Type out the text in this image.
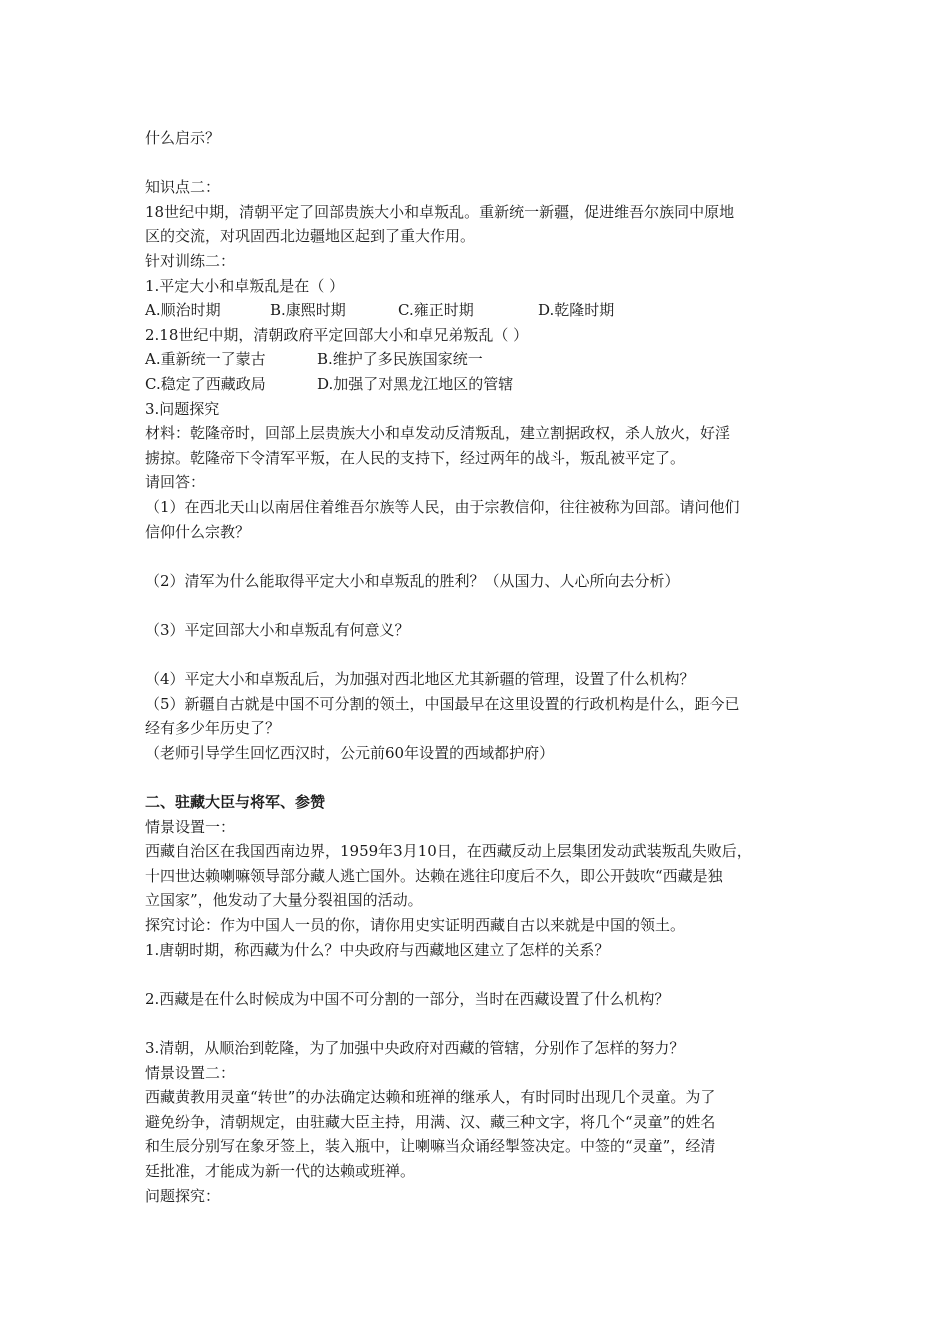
什么启示？
知识点二：
18世纪中期，清朝平定了回部贵族大小和卓叛乱。重新统一新疆，促进维吾尔族同中原地
区的交流，对巩固西北边疆地区起到了重大作用。
针对训练二：
1.平定大小和卓叛乱是在（ ）
A.顺治时期	B.康熙时期	C.雍正时期	D.乾隆时期
2.18世纪中期，清朝政府平定回部大小和卓兄弟叛乱（ ）
A.重新统一了蒙古	B.维护了多民族国家统一
C.稳定了西藏政局	D.加强了对黑龙江地区的管辖
3.问题探究
材料：乾隆帝时，回部上层贵族大小和卓发动反清叛乱，建立割据政权，杀人放火，好淫
掳掠。乾隆帝下令清军平叛，在人民的支持下，经过两年的战斗，叛乱被平定了。
请回答：
（1）在西北天山以南居住着维吾尔族等人民，由于宗教信仰，往往被称为回部。请问他们
信仰什么宗教？
（2）清军为什么能取得平定大小和卓叛乱的胜利？（从国力、人心所向去分析）
（3）平定回部大小和卓叛乱有何意义？
（4）平定大小和卓叛乱后，为加强对西北地区尤其新疆的管理，设置了什么机构？
（5）新疆自古就是中国不可分割的领土，中国最早在这里设置的行政机构是什么，距今已
经有多少年历史了？
（老师引导学生回忆西汉时，公元前60年设置的西域都护府）
二、驻藏大臣与将军、参赞
情景设置一：
西藏自治区在我国西南边界，1959年3月10日，在西藏反动上层集团发动武装叛乱失败后，
十四世达赖喇嘛领导部分藏人逃亡国外。达赖在逃往印度后不久，即公开鼓吹“西藏是独
立国家”，他发动了大量分裂祖国的活动。
探究讨论：作为中国人一员的你，请你用史实证明西藏自古以来就是中国的领土。
1.唐朝时期，称西藏为什么？中央政府与西藏地区建立了怎样的关系？
2.西藏是在什么时候成为中国不可分割的一部分，当时在西藏设置了什么机构？
3.清朝，从顺治到乾隆，为了加强中央政府对西藏的管辖，分别作了怎样的努力？
情景设置二：
西藏黄教用灵童“转世”的办法确定达赖和班禅的继承人，有时同时出现几个灵童。为了
避免纷争，清朝规定，由驻藏大臣主持，用满、汉、藏三种文字，将几个“灵童”的姓名
和生辰分别写在象牙签上，装入瓶中，让喇嘛当众诵经掣签决定。中签的“灵童”，经清
廷批准，才能成为新一代的达赖或班禅。
问题探究：
